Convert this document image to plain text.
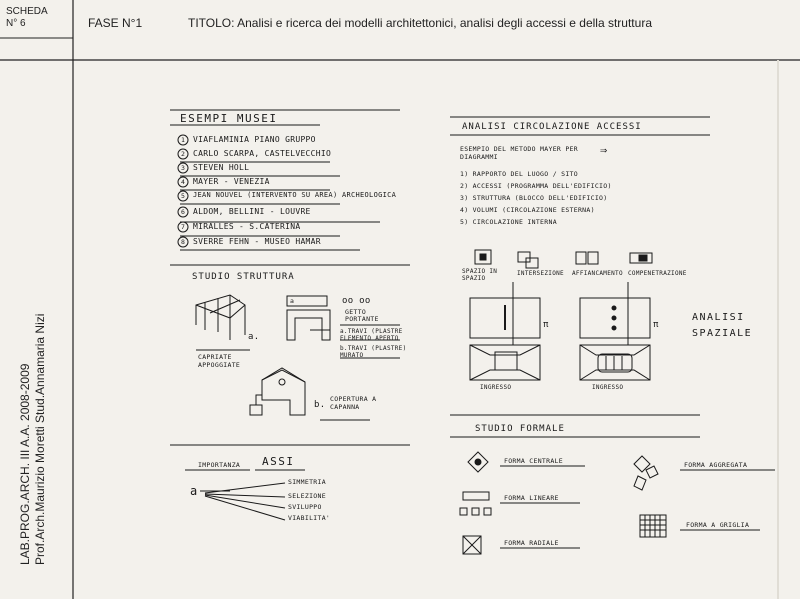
SCHEDA
N° 6	FASE N°1	TITOLO: Analisi e ricerca dei modelli architettonici, analisi degli accessi e della struttura
LAB.PROG.ARCH. III A.A. 2008-2009 Prof.Arch.Maurizio Moretti Stud.Annamaria Nizi
ESEMPI MUSEI
1
2
3
4
5
6
7
8
VIAFLAMINIA PIANO GRUPPO
CARLO SCARPA, CASTELVECCHIO
STEVEN HOLL
MAYER - VENEZIA
JEAN NOUVEL (INTERVENTO SU AREA) ARCHEOLOGICA
ALDOM, BELLINI - LOUVRE
MIRALLES - S.CATERINA
SVERRE FEHN - MUSEO HAMAR
STUDIO STRUTTURA
a.
CAPRIATE APPOGGIATE
a	oo oo
GETTO PORTANTE
a.TRAVI (PLASTRE ELEMENTO APERTO
b.TRAVI (PLASTRE) MURATO
b.
COPERTURA A CAPANNA
IMPORTANZA ASSI
a
SIMMETRIA
SELEZIONE
SVILUPPO
VIABILITA'
ANALISI CIRCOLAZIONE ACCESSI
ESEMPIO DEL METODO MAYER PER DIAGRAMMI	⇒
1) RAPPORTO DEL LUOGO / SITO
2) ACCESSI (PROGRAMMA DELL'EDIFICIO)
3) STRUTTURA (BLOCCO DELL'EDIFICIO)
4) VOLUMI (CIRCOLAZIONE ESTERNA)
5) CIRCOLAZIONE INTERNA
SPAZIO IN SPAZIO
INTERSEZIONE AFFIANCAMENTO COMPENETRAZIONE
π	π
INGRESSO	INGRESSO
ANALISI SPAZIALE
STUDIO FORMALE
FORMA CENTRALE
FORMA LINEARE
FORMA RADIALE
FORMA AGGREGATA
FORMA A GRIGLIA
